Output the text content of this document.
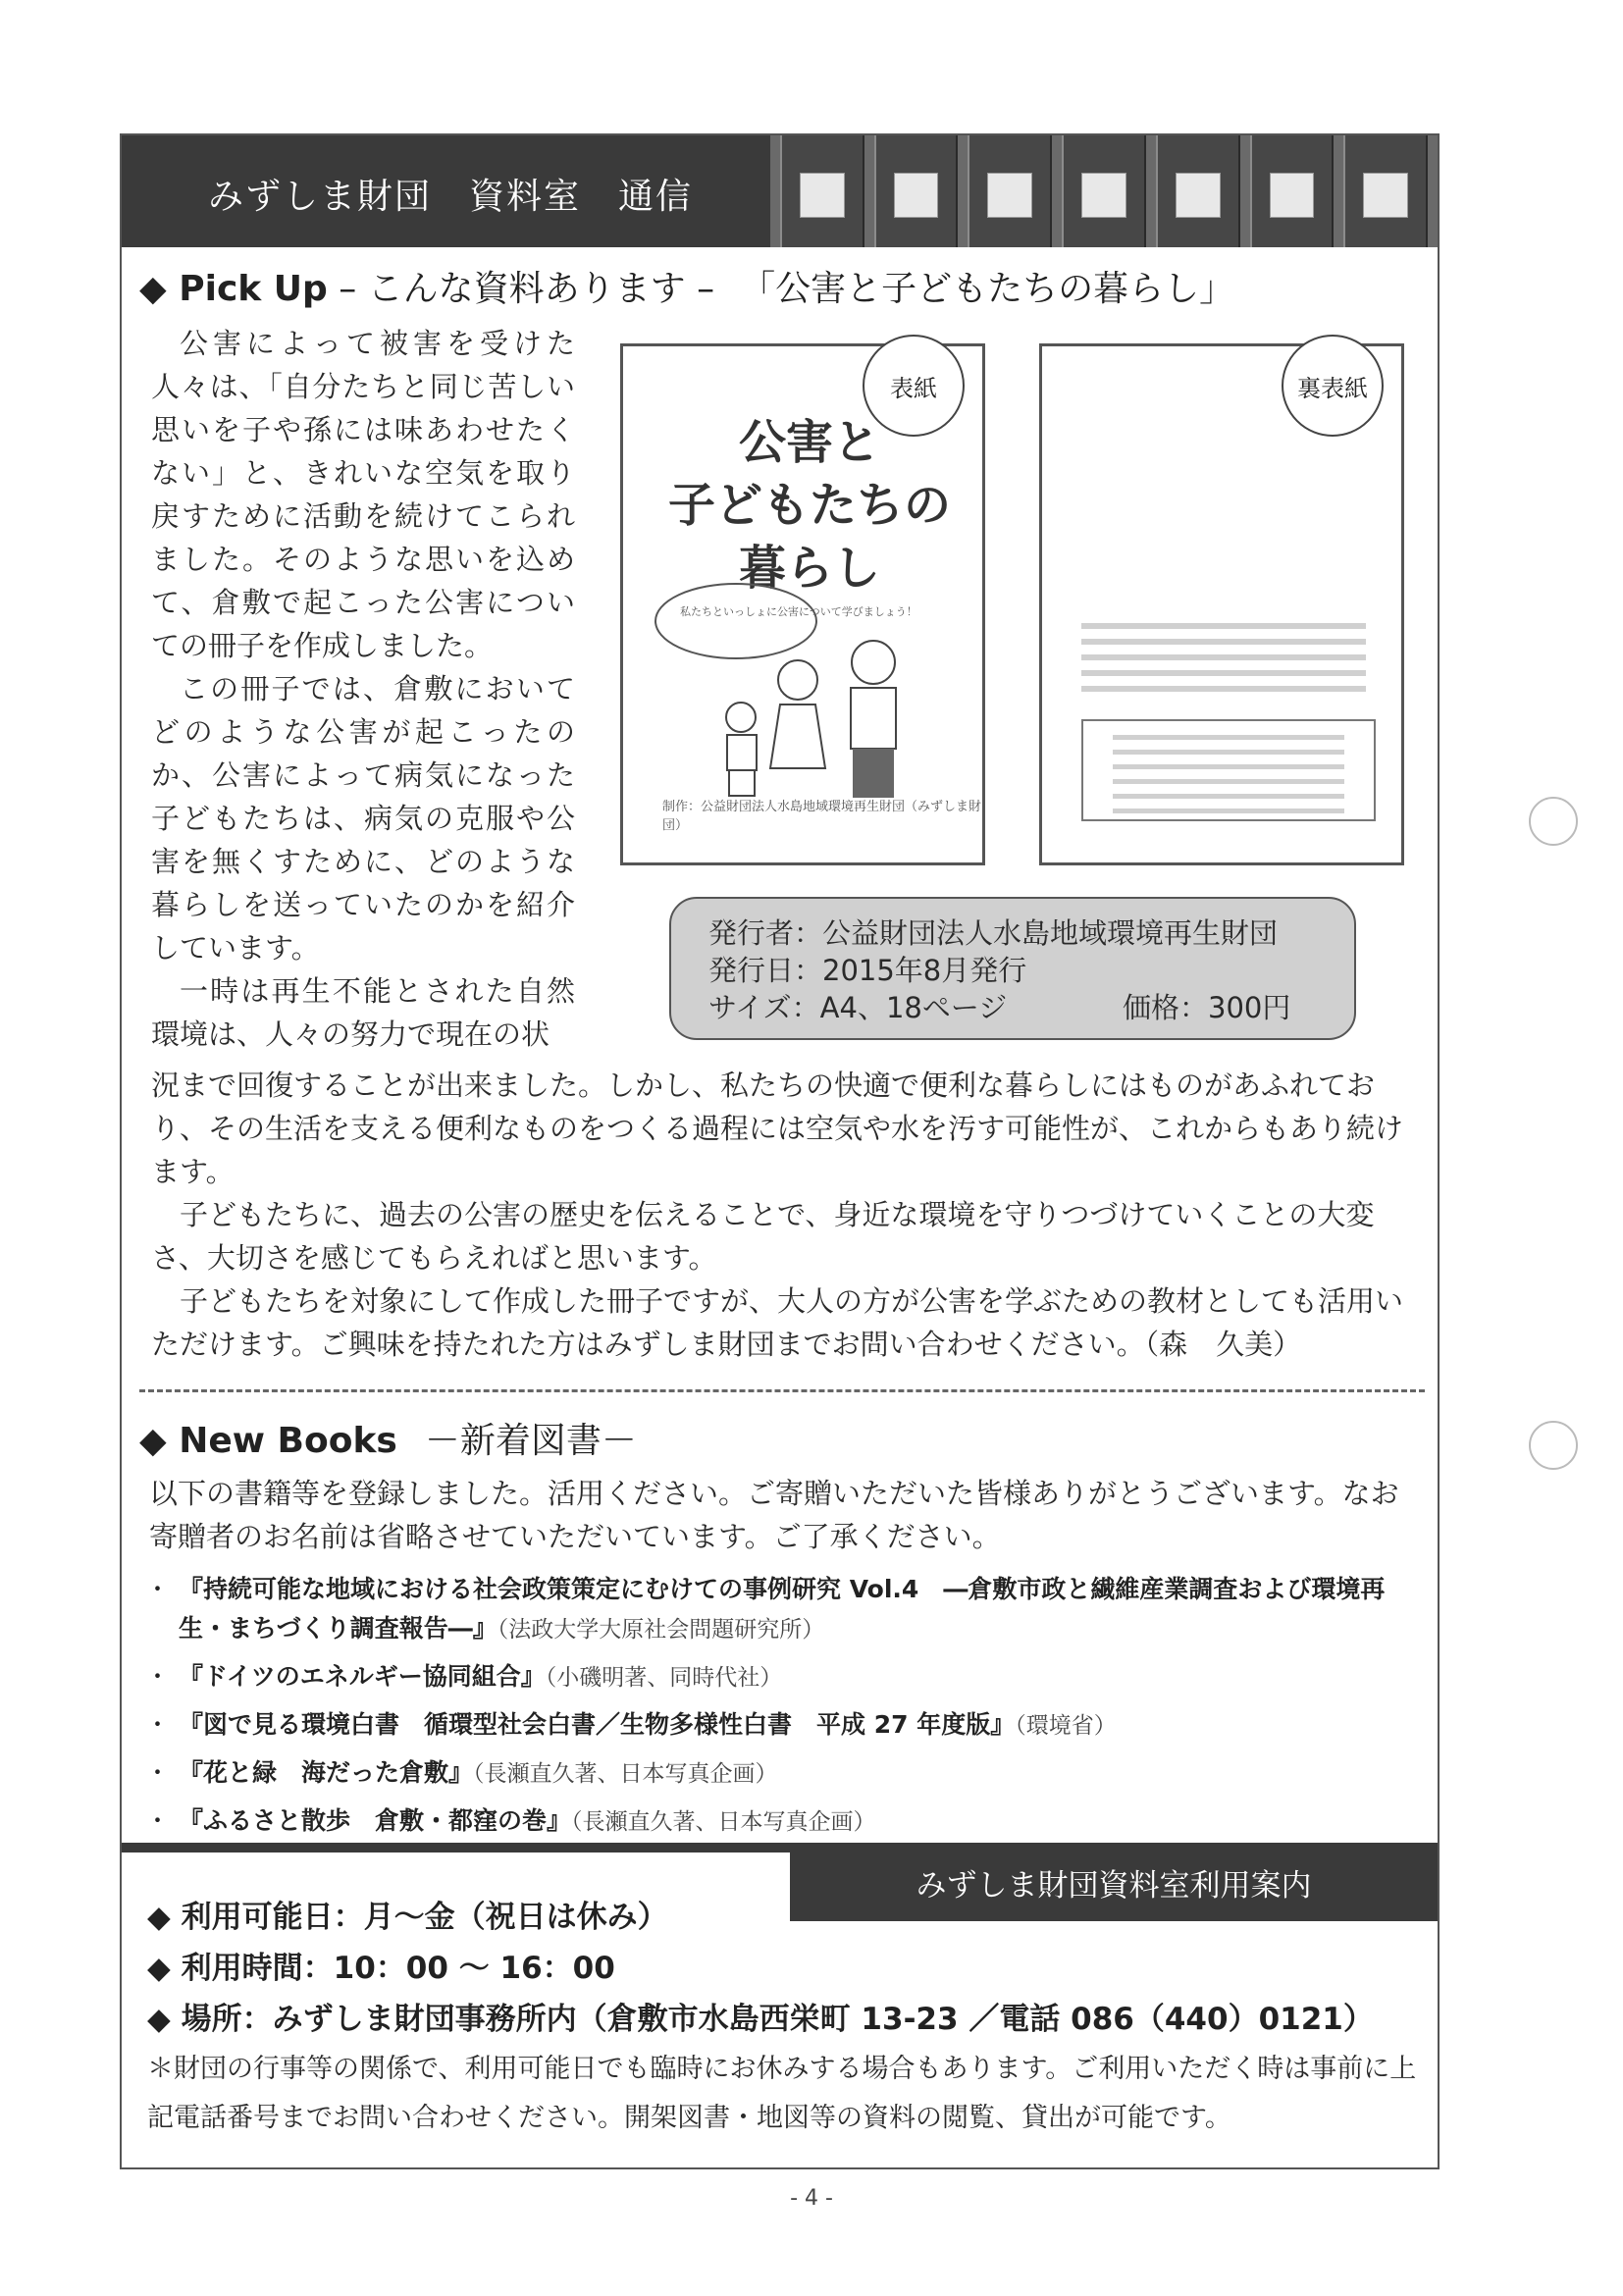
みずしま財団　資料室　通信
◆ Pick Up – こんな資料あります – 「公害と子どもたちの暮らし」

公害によって被害を受けた人々は、「自分たちと同じ苦しい思いを子や孫には味あわせたくない」と、きれいな空気を取り戻すために活動を続けてこられました。そのような思いを込めて、倉敷で起こった公害についての冊子を作成しました。

この冊子では、倉敷においてどのような公害が起こったのか、公害によって病気になった子どもたちは、病気の克服や公害を無くすために、どのような暮らしを送っていたのかを紹介しています。

一時は再生不能とされた自然環境は、人々の努力で現在の状

表紙
公害と
子どもたちの
暮らし
私たちといっしょに公害について学びましょう！
制作：公益財団法人水島地域環境再生財団（みずしま財団）
裏表紙
発行者：公益財団法人水島地域環境再生財団
発行日：2015年8月発行
サイズ：A4、18ページ	価格：300円

況まで回復することが出来ました。しかし、私たちの快適で便利な暮らしにはものがあふれており、その生活を支える便利なものをつくる過程には空気や水を汚す可能性が、これからもあり続けます。

子どもたちに、過去の公害の歴史を伝えることで、身近な環境を守りつづけていくことの大変さ、大切さを感じてもらえればと思います。

子どもたちを対象にして作成した冊子ですが、大人の方が公害を学ぶための教材としても活用いただけます。ご興味を持たれた方はみずしま財団までお問い合わせください。（森　久美）

◆ New Books －新着図書－

以下の書籍等を登録しました。活用ください。ご寄贈いただいた皆様ありがとうございます。なお寄贈者のお名前は省略させていただいています。ご了承ください。

・ 『持続可能な地域における社会政策策定にむけての事例研究 Vol.4　―倉敷市政と繊維産業調査および環境再生・まちづくり調査報告―』（法政大学大原社会問題研究所）
・ 『ドイツのエネルギー協同組合』（小磯明著、同時代社）
・ 『図で見る環境白書　循環型社会白書／生物多様性白書　平成 27 年度版』（環境省）
・ 『花と緑　海だった倉敷』（長瀬直久著、日本写真企画）
・ 『ふるさと散歩　倉敷・都窪の巻』（長瀬直久著、日本写真企画）
みずしま財団資料室利用案内
◆ 利用可能日：月～金（祝日は休み）
◆ 利用時間：10：00 ～ 16：00
◆ 場所：みずしま財団事務所内（倉敷市水島西栄町 13-23 ／電話 086（440）0121）

＊財団の行事等の関係で、利用可能日でも臨時にお休みする場合もあります。ご利用いただく時は事前に上記電話番号までお問い合わせください。開架図書・地図等の資料の閲覧、貸出が可能です。

- 4 -
